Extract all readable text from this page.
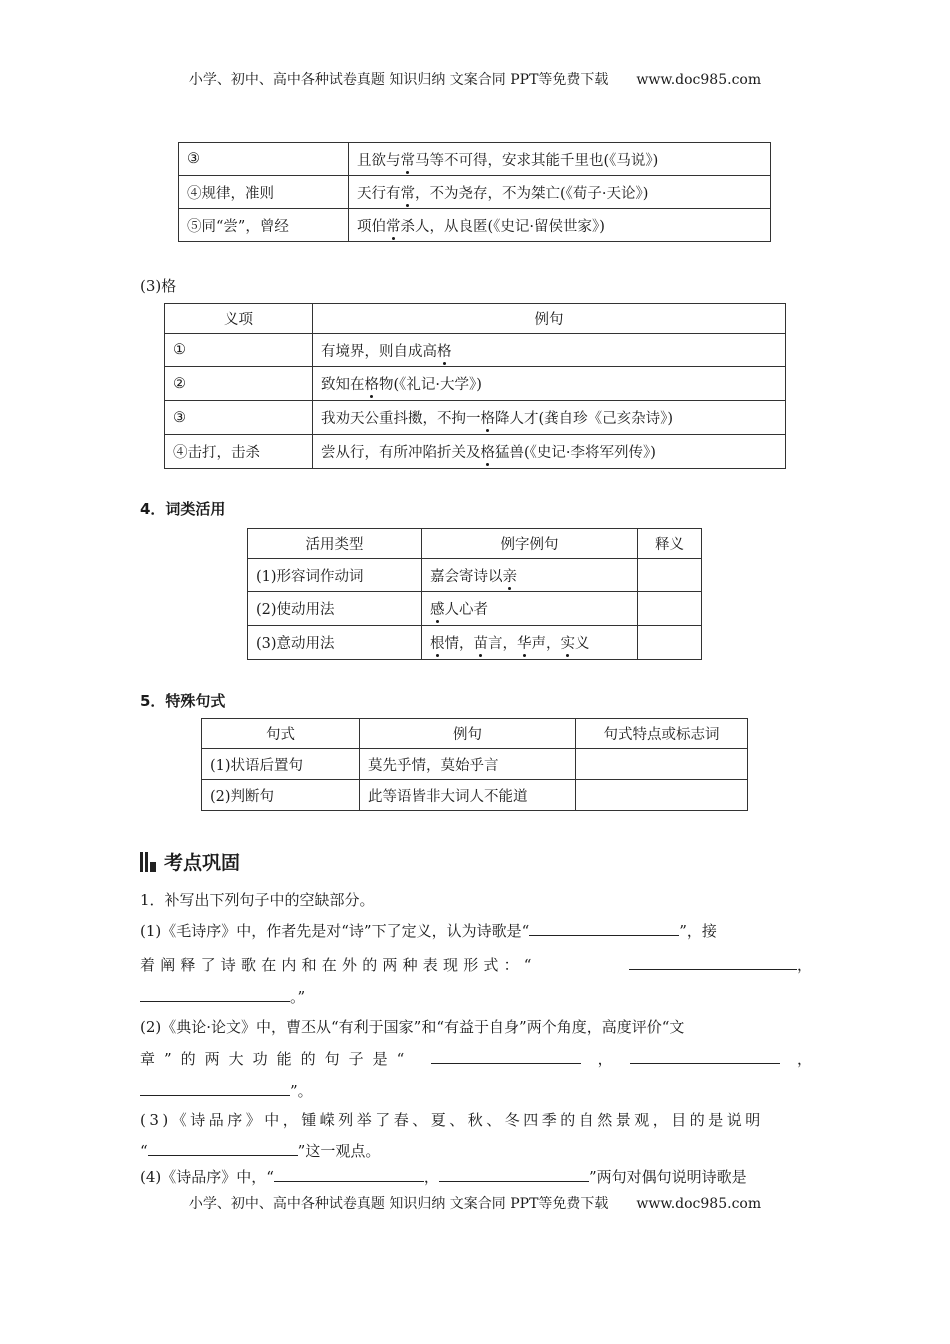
小学、初中、高中各种试卷真题 知识归纳 文案合同 PPT等免费下载 www.doc985.com
③	且欲与常马等不可得，安求其能千里也(《马说》)
④规律，准则	天行有常，不为尧存，不为桀亡(《荀子·天论》)
⑤同“尝”，曾经	项伯常杀人，从良匿(《史记·留侯世家》)
(3)格
义项	例句
①	有境界，则自成高格
②	致知在格物(《礼记·大学》)
③	我劝天公重抖擞，不拘一格降人才(龚自珍《己亥杂诗》)
④击打，击杀	尝从行，有所冲陷折关及格猛兽(《史记·李将军列传》)
4．词类活用
活用类型	例字例句	释义
(1)形容词作动词	嘉会寄诗以亲	
(2)使动用法	感人心者	
(3)意动用法	根情，苗言，华声，实义	
5．特殊句式
句式	例句	句式特点或标志词
(1)状语后置句	莫先乎情，莫始乎言	
(2)判断句	此等语皆非大词人不能道	
考点巩固
1．补写出下列句子中的空缺部分。
(1)《毛诗序》中，作者先是对“诗”下了定义，认为诗歌是“	”，接
着阐释了诗歌在内和在外的两种表现形式：“	，
。”
(2)《典论·论文》中，曹丕从“有利于国家”和“有益于自身”两个角度，高度评价“文
章”的两大功能的句子是“	，	，
”。
(3)《诗品序》中，锺嵘列举了春、夏、秋、冬四季的自然景观，目的是说明
“	”这一观点。
(4)《诗品序》中，“	，	”两句对偶句说明诗歌是
小学、初中、高中各种试卷真题 知识归纳 文案合同 PPT等免费下载 www.doc985.com
